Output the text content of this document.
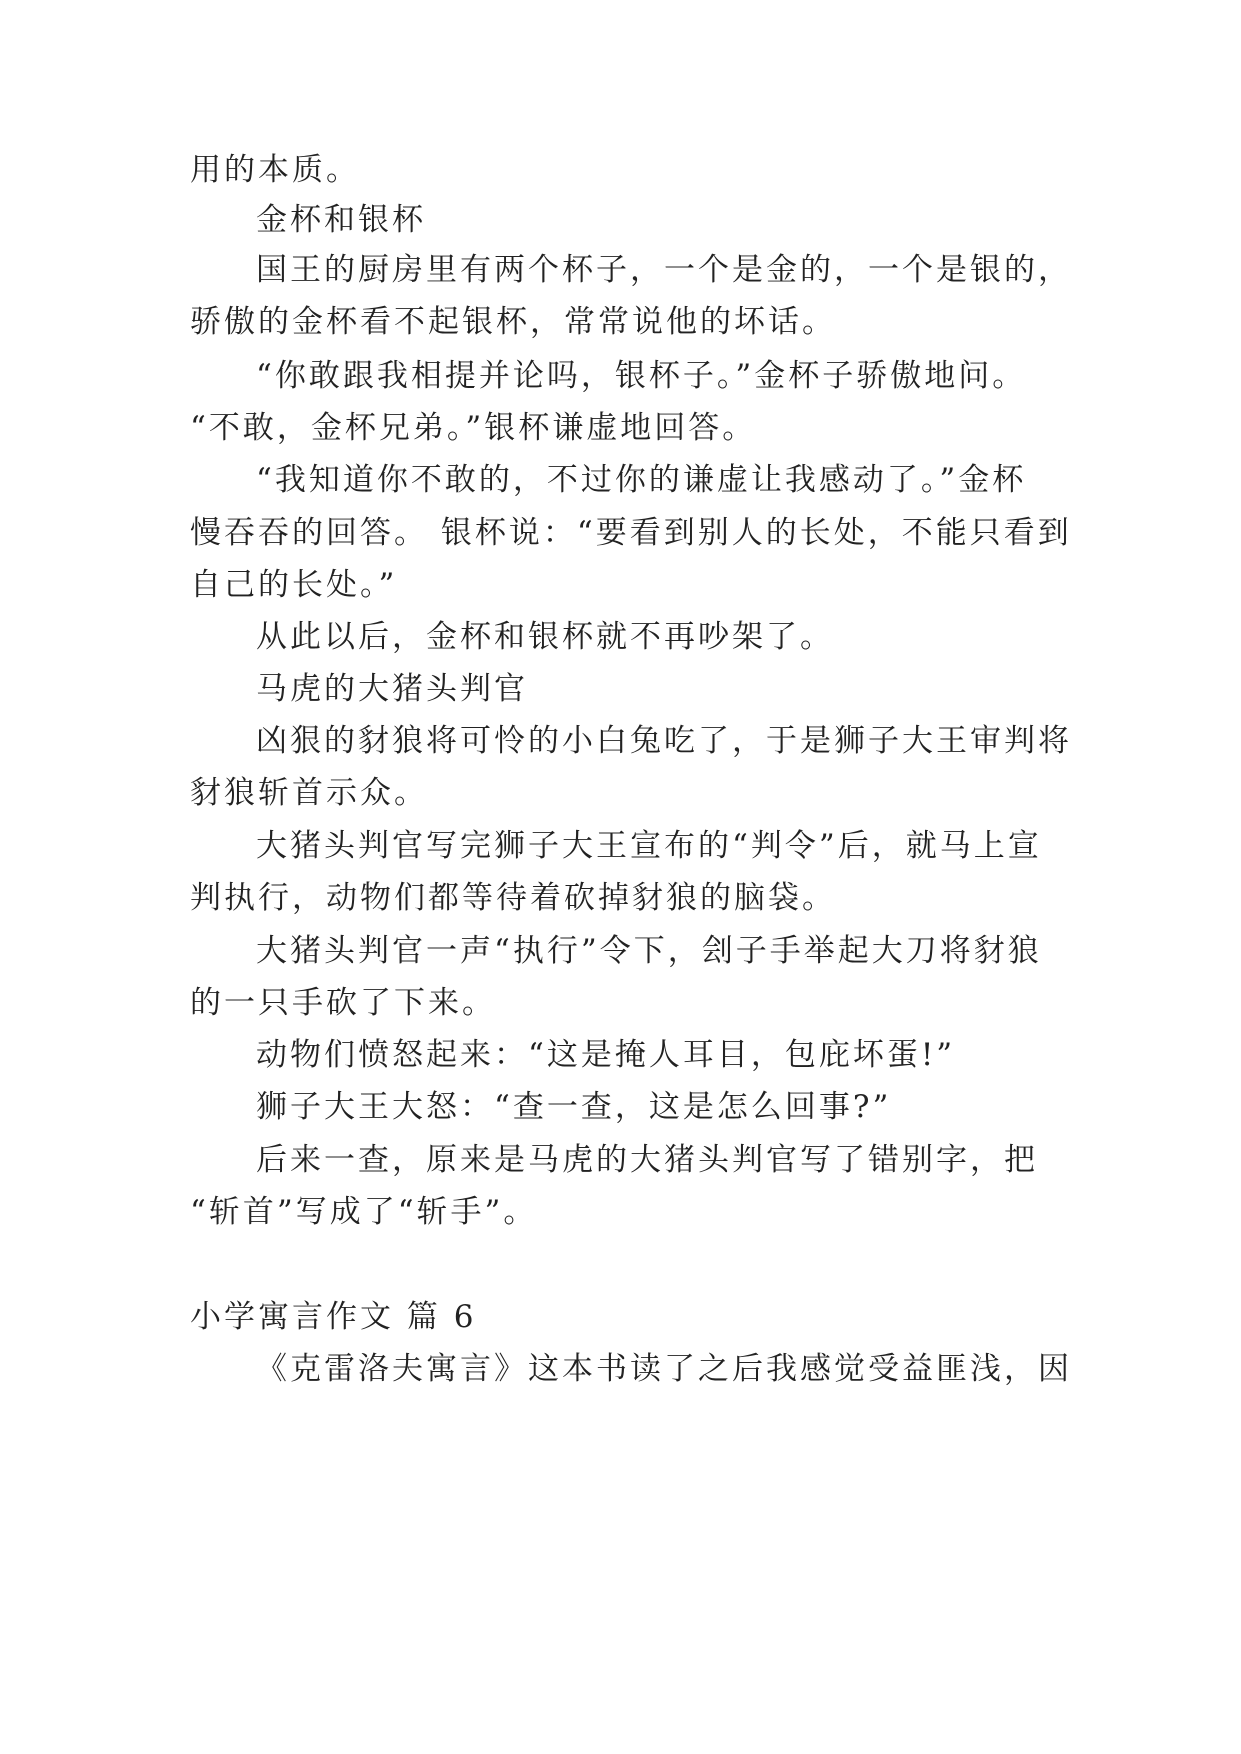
用的本质。
金杯和银杯
国王的厨房里有两个杯子，一个是金的，一个是银的，
骄傲的金杯看不起银杯，常常说他的坏话。
“你敢跟我相提并论吗，银杯子。”金杯子骄傲地问。
“不敢，金杯兄弟。”银杯谦虚地回答。
“我知道你不敢的，不过你的谦虚让我感动了。”金杯
慢吞吞的回答。 银杯说：“要看到别人的长处，不能只看到
自己的长处。”
从此以后，金杯和银杯就不再吵架了。
马虎的大猪头判官
凶狠的豺狼将可怜的小白兔吃了，于是狮子大王审判将
豺狼斩首示众。
大猪头判官写完狮子大王宣布的“判令”后，就马上宣
判执行，动物们都等待着砍掉豺狼的脑袋。
大猪头判官一声“执行”令下，刽子手举起大刀将豺狼
的一只手砍了下来。
动物们愤怒起来：“这是掩人耳目，包庇坏蛋!”
狮子大王大怒：“查一查，这是怎么回事?”
后来一查，原来是马虎的大猪头判官写了错别字，把
“斩首”写成了“斩手”。
小学寓言作文 篇 6
《克雷洛夫寓言》这本书读了之后我感觉受益匪浅，因
